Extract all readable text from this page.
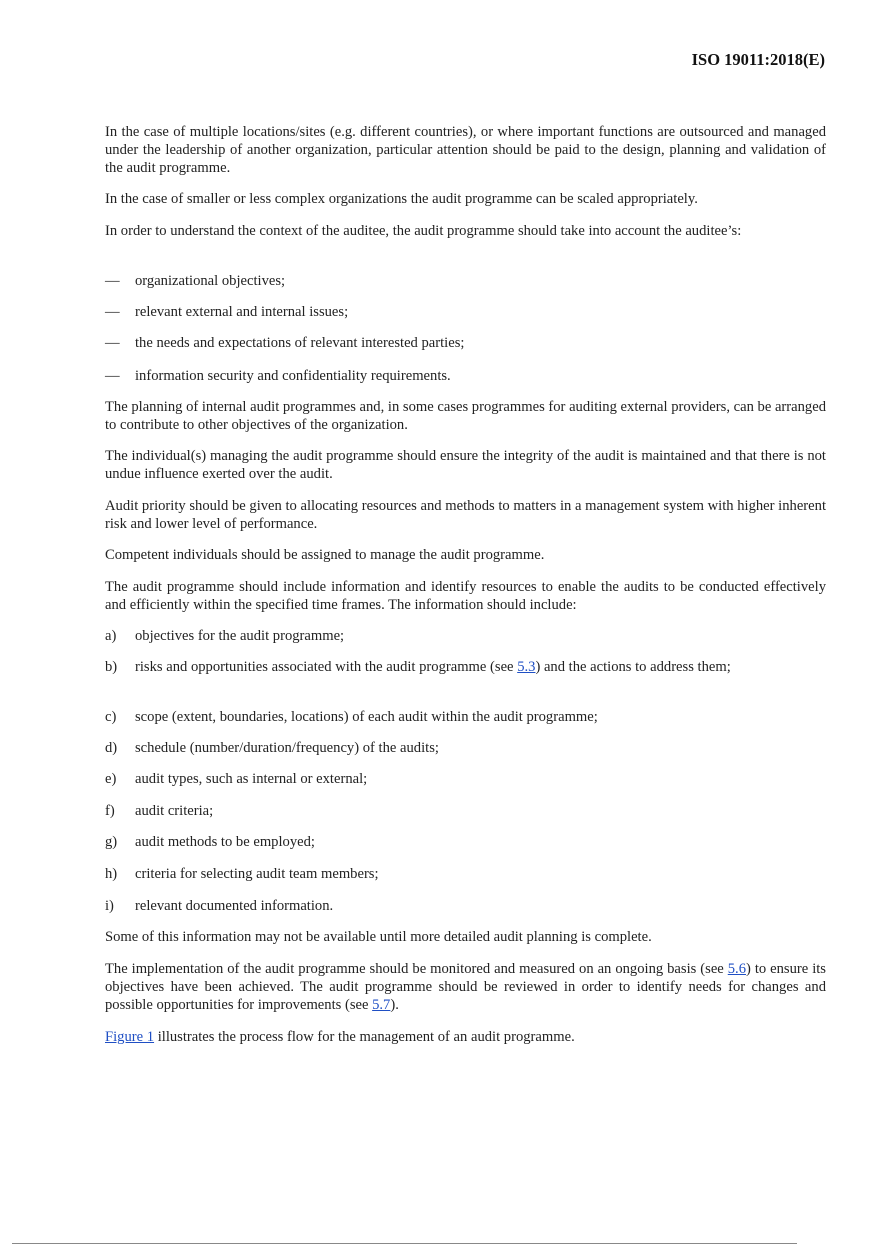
ISO 19011:2018(E)
In the case of multiple locations/sites (e.g. different countries), or where important functions are outsourced and managed under the leadership of another organization, particular attention should be paid to the design, planning and validation of the audit programme.
In the case of smaller or less complex organizations the audit programme can be scaled appropriately.
In order to understand the context of the auditee, the audit programme should take into account the auditee’s:
— organizational objectives;
— relevant external and internal issues;
— the needs and expectations of relevant interested parties;
— information security and confidentiality requirements.
The planning of internal audit programmes and, in some cases programmes for auditing external providers, can be arranged to contribute to other objectives of the organization.
The individual(s) managing the audit programme should ensure the integrity of the audit is maintained and that there is not undue influence exerted over the audit.
Audit priority should be given to allocating resources and methods to matters in a management system with higher inherent risk and lower level of performance.
Competent individuals should be assigned to manage the audit programme.
The audit programme should include information and identify resources to enable the audits to be conducted effectively and efficiently within the specified time frames. The information should include:
a) objectives for the audit programme;
b) risks and opportunities associated with the audit programme (see 5.3) and the actions to address them;
c) scope (extent, boundaries, locations) of each audit within the audit programme;
d) schedule (number/duration/frequency) of the audits;
e) audit types, such as internal or external;
f) audit criteria;
g) audit methods to be employed;
h) criteria for selecting audit team members;
i) relevant documented information.
Some of this information may not be available until more detailed audit planning is complete.
The implementation of the audit programme should be monitored and measured on an ongoing basis (see 5.6) to ensure its objectives have been achieved. The audit programme should be reviewed in order to identify needs for changes and possible opportunities for improvements (see 5.7).
Figure 1 illustrates the process flow for the management of an audit programme.
